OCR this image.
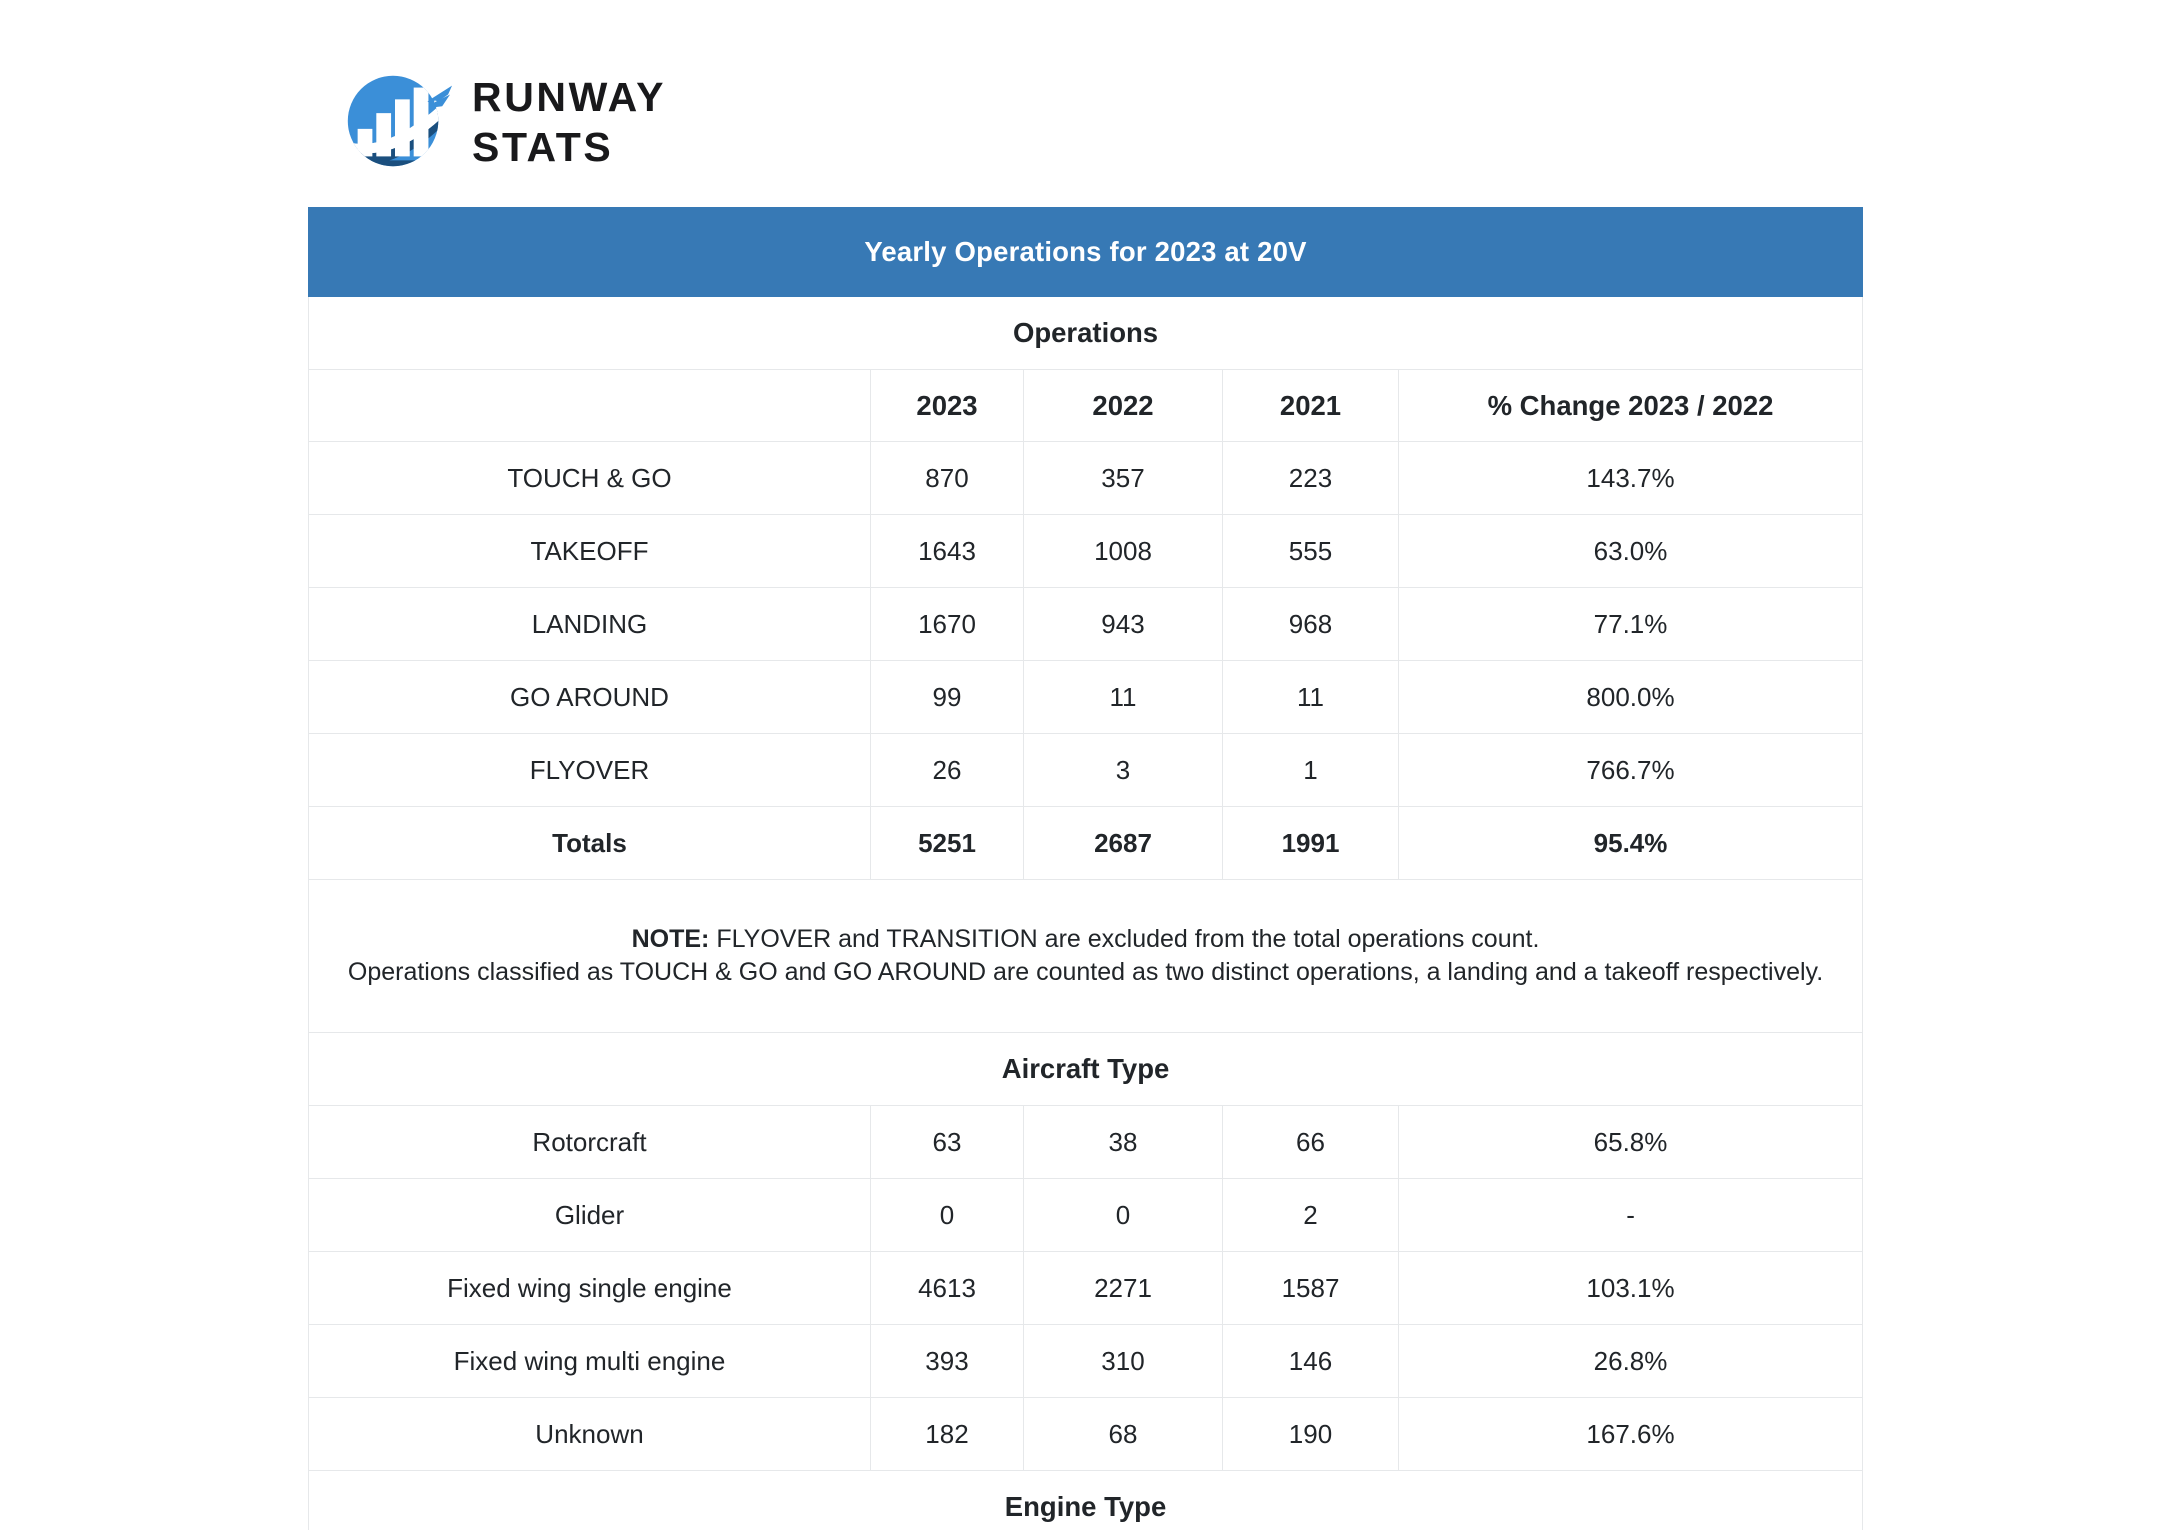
RUNWAY
STATS
Yearly Operations for 2023 at 20V				
Operations				
	2023	2022	2021	% Change 2023 / 2022
TOUCH & GO	870	357	223	143.7%
TAKEOFF	1643	1008	555	63.0%
LANDING	1670	943	968	77.1%
GO AROUND	99	11	11	800.0%
FLYOVER	26	3	1	766.7%
Totals	5251	2687	1991	95.4%
NOTE: FLYOVER and TRANSITION are excluded from the total operations count.
Operations classified as TOUCH & GO and GO AROUND are counted as two distinct operations, a landing and a takeoff respectively.				
Aircraft Type				
Rotorcraft	63	38	66	65.8%
Glider	0	0	2	-
Fixed wing single engine	4613	2271	1587	103.1%
Fixed wing multi engine	393	310	146	26.8%
Unknown	182	68	190	167.6%
Engine Type				
